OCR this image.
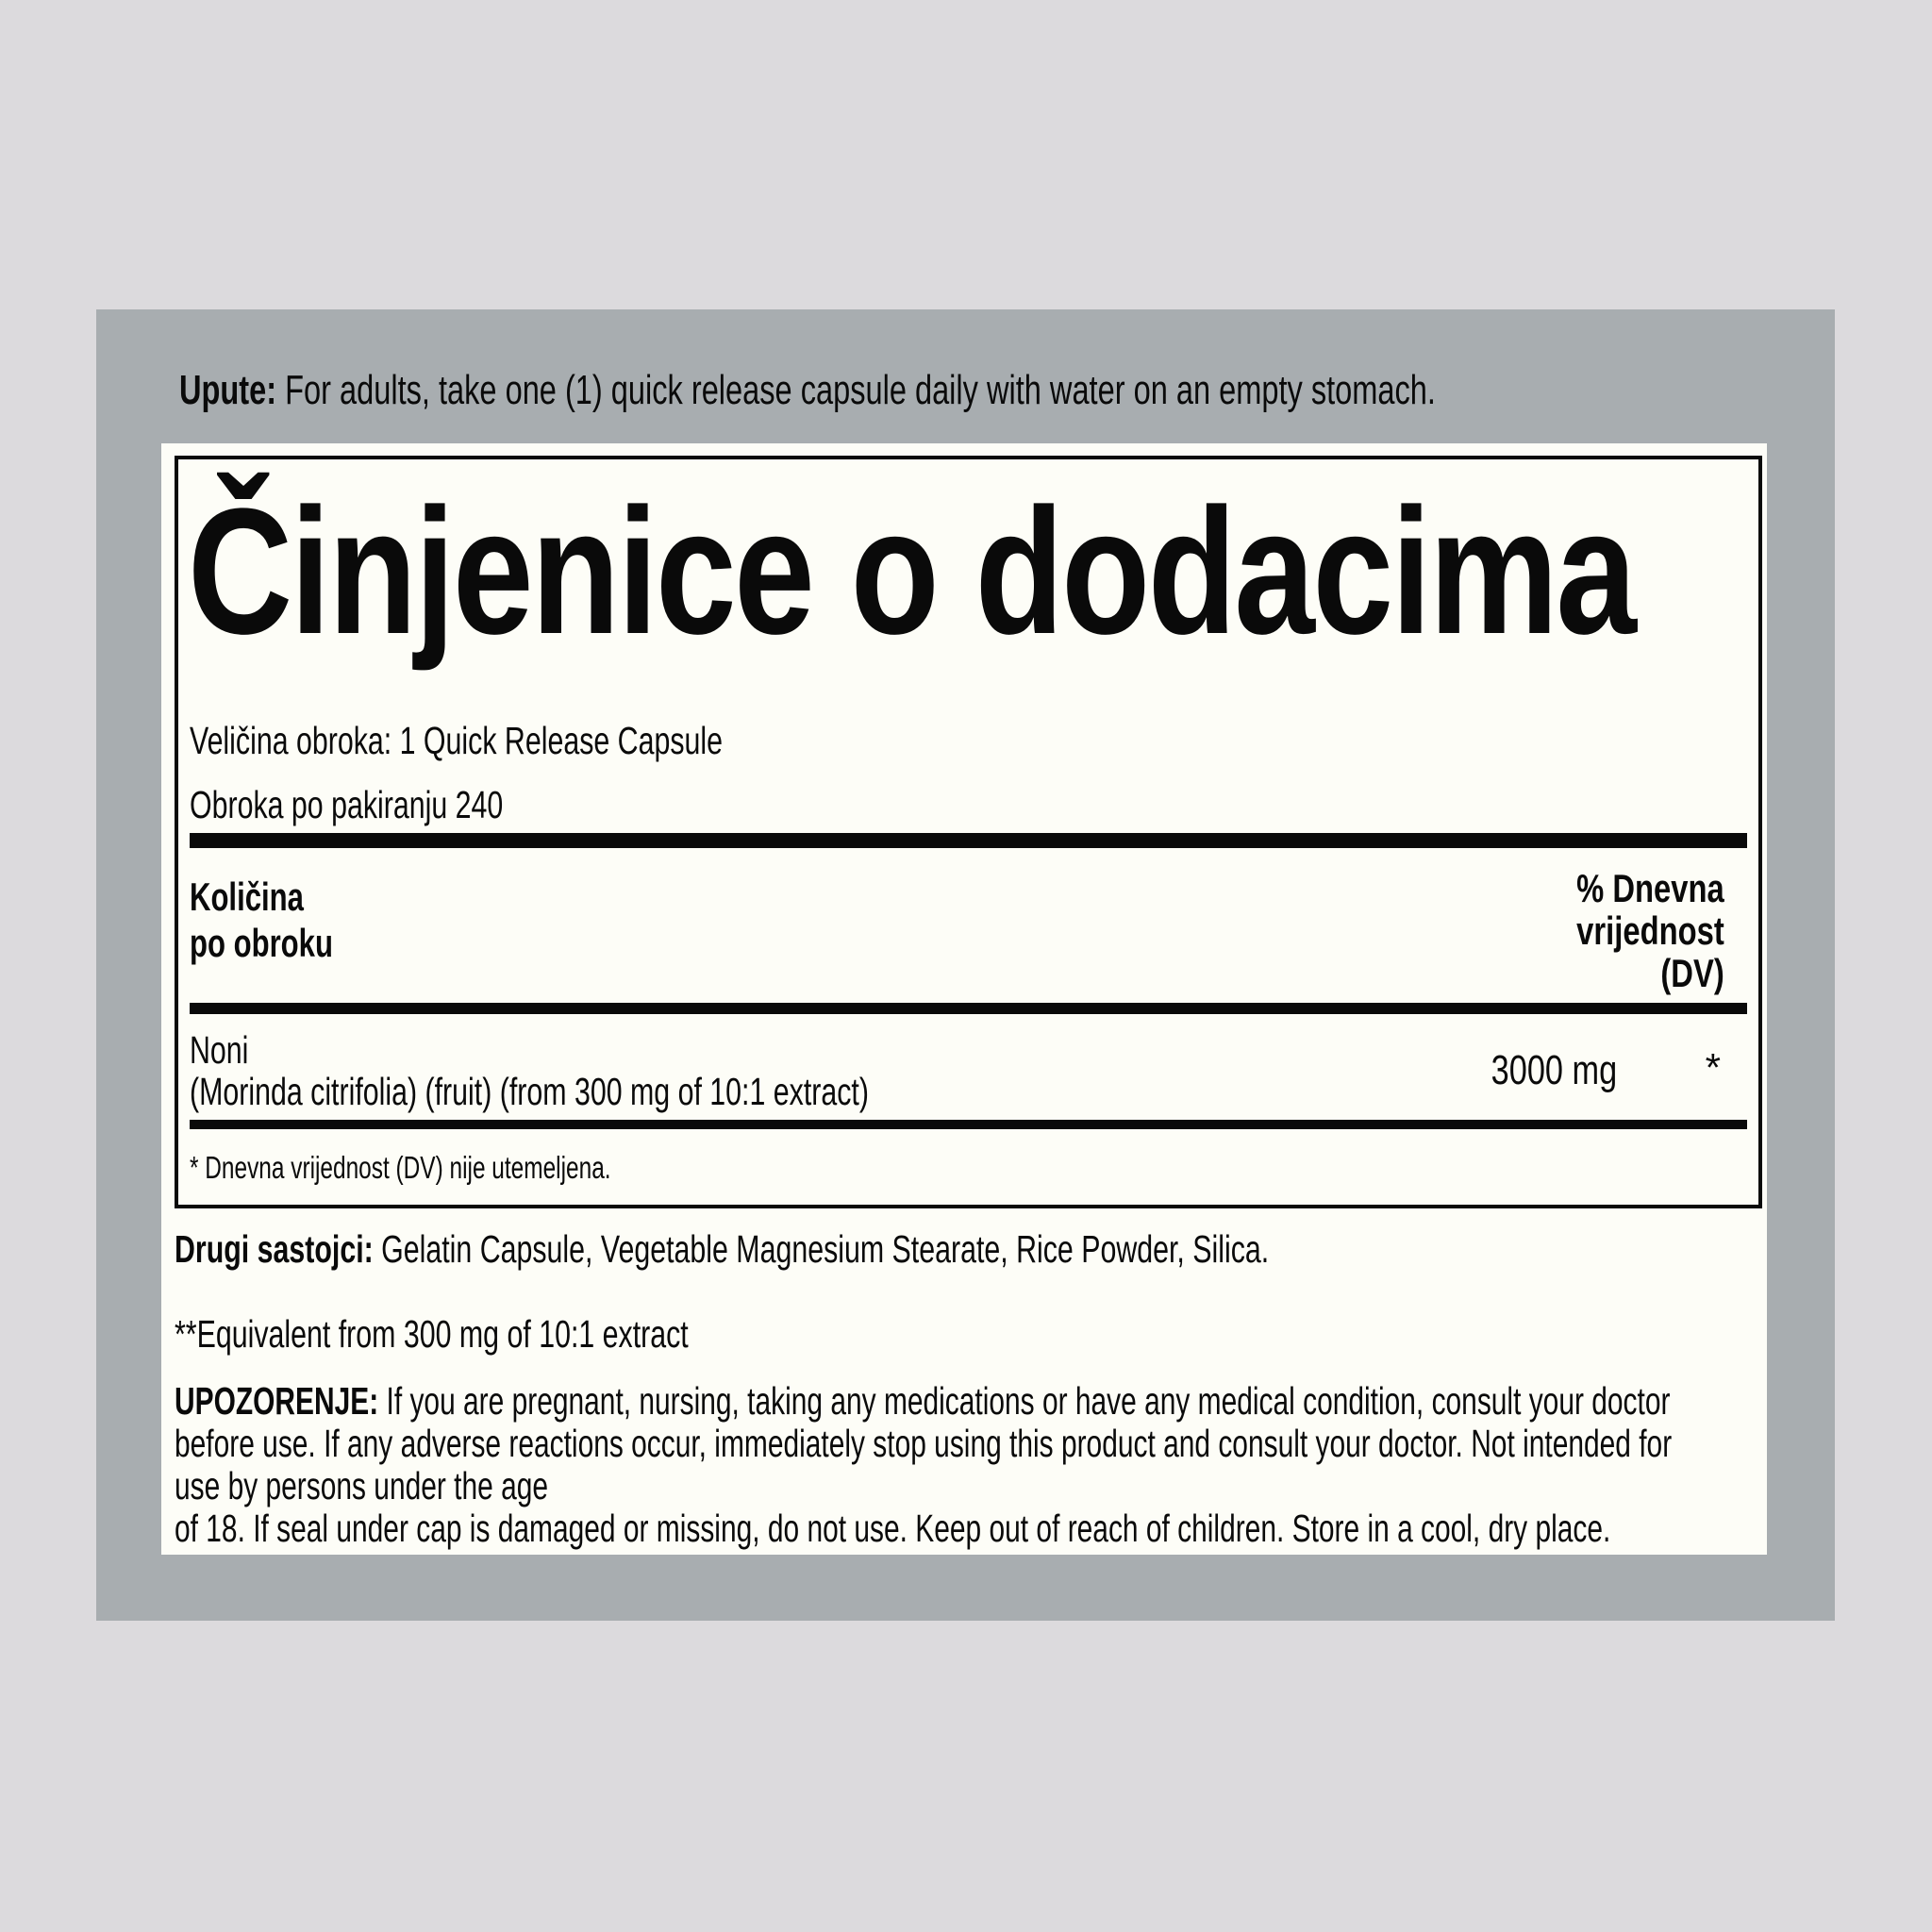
Upute: For adults, take one (1) quick release capsule daily with water on an empty stomach.
Činjenice o dodacima
Veličina obroka: 1 Quick Release Capsule
Obroka po pakiranju 240
Količina
po obroku
% Dnevna
vrijednost
(DV)
Noni
(Morinda citrifolia) (fruit) (from 300 mg of 10:1 extract)	3000 mg *
* Dnevna vrijednost (DV) nije utemeljena.
Drugi sastojci: Gelatin Capsule, Vegetable Magnesium Stearate, Rice Powder, Silica.
**Equivalent from 300 mg of 10:1 extract
UPOZORENJE: If you are pregnant, nursing, taking any medications or have any medical condition, consult your doctor
before use. If any adverse reactions occur, immediately stop using this product and consult your doctor. Not intended for
use by persons under the age
of 18. If seal under cap is damaged or missing, do not use. Keep out of reach of children. Store in a cool, dry place.
